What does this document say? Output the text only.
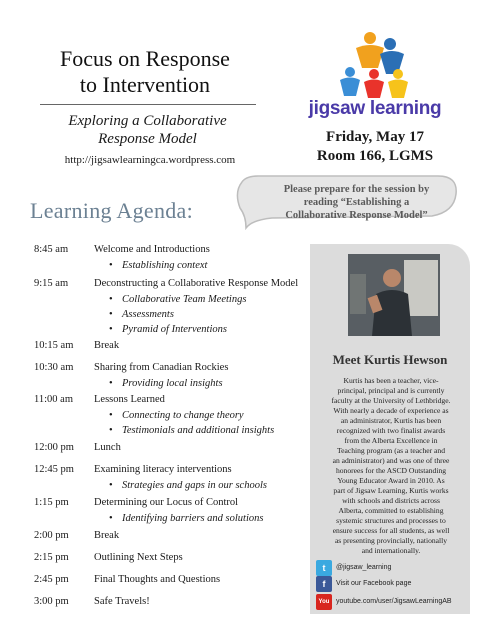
Focus on Response
to Intervention
Exploring a Collaborative
Response Model
http://jigsawlearningca.wordpress.com
jigsaw learning
Friday, May 17
Room 166, LGMS
Please prepare for the session by
reading “Establishing a
Collaborative Response Model”
Learning Agenda:
8:45 am	Welcome and Introductions
• Establishing context
9:15 am	Deconstructing a Collaborative Response Model
• Collaborative Team Meetings
• Assessments
• Pyramid of Interventions
10:15 am	Break
10:30 am	Sharing from Canadian Rockies
• Providing local insights
11:00 am	Lessons Learned
• Connecting to change theory
• Testimonials and additional insights
12:00 pm	Lunch
12:45 pm	Examining literacy interventions
• Strategies and gaps in our schools
1:15 pm	Determining our Locus of Control
• Identifying barriers and solutions
2:00 pm	Break
2:15 pm	Outlining Next Steps
2:45 pm	Final Thoughts and Questions
3:00 pm	Safe Travels!
Meet Kurtis Hewson
Kurtis has been a teacher, vice-
principal, principal and is currently
faculty at the University of Lethbridge.
With nearly a decade of experience as
an administrator, Kurtis has been
recognized with two finalist awards
from the Alberta Excellence in
Teaching program (as a teacher and
an administrator) and was one of three
honorees for the ASCD Outstanding
Young Educator Award in 2010. As
part of Jigsaw Learning, Kurtis works
with schools and districts across
Alberta, committed to establishing
systemic structures and processes to
ensure success for all students, as well
as presenting provincially, nationally
and internationally.
t	@jigsaw_learning
f	Visit our Facebook page
You youtube.com/user/JigsawLearningAB
